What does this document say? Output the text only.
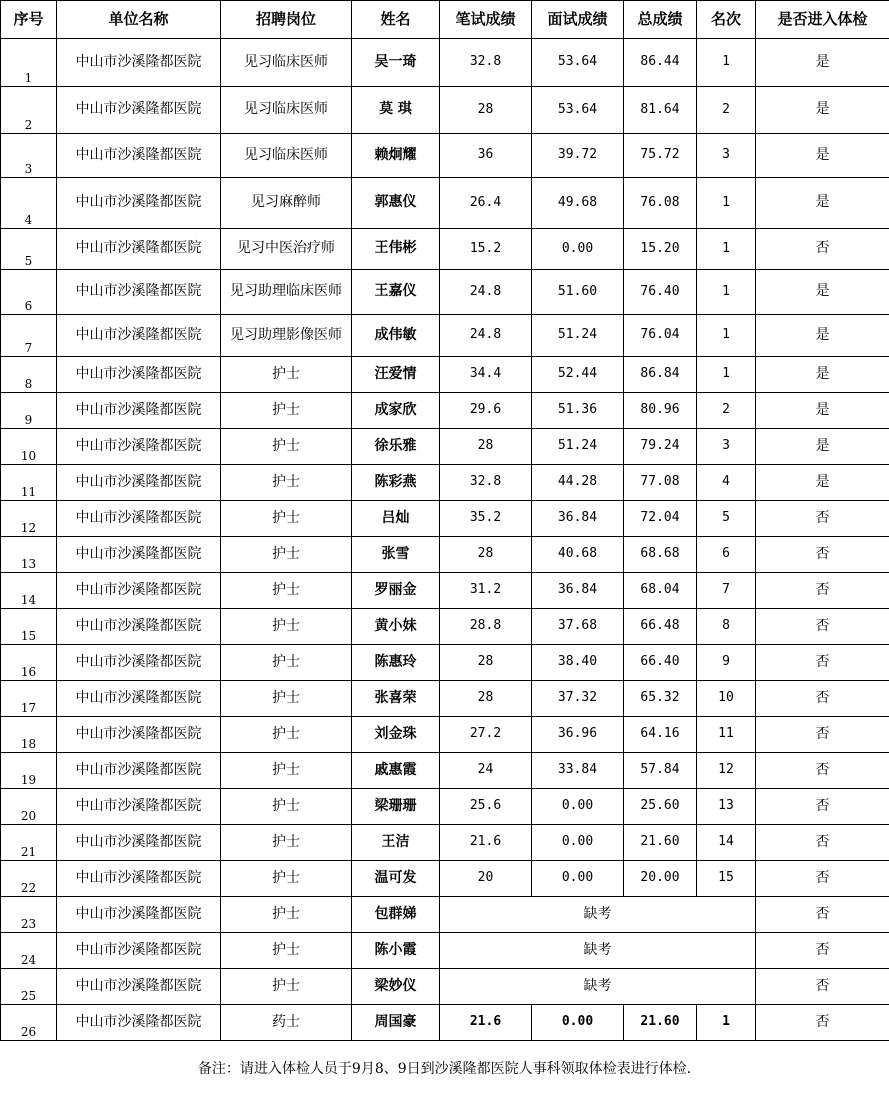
序号	单位名称	招聘岗位	姓名	笔试成绩	面试成绩	总成绩	名次	是否进入体检
1	中山市沙溪隆都医院	见习临床医师	吴一琦	32.8	53.64	86.44	1	是
2	中山市沙溪隆都医院	见习临床医师	莫 琪	28	53.64	81.64	2	是
3	中山市沙溪隆都医院	见习临床医师	赖炯耀	36	39.72	75.72	3	是
4	中山市沙溪隆都医院	见习麻醉师	郭惠仪	26.4	49.68	76.08	1	是
5	中山市沙溪隆都医院	见习中医治疗师	王伟彬	15.2	0.00	15.20	1	否
6	中山市沙溪隆都医院	见习助理临床医师	王嘉仪	24.8	51.60	76.40	1	是
7	中山市沙溪隆都医院	见习助理影像医师	成伟敏	24.8	51.24	76.04	1	是
8	中山市沙溪隆都医院	护士	汪爱情	34.4	52.44	86.84	1	是
9	中山市沙溪隆都医院	护士	成家欣	29.6	51.36	80.96	2	是
10	中山市沙溪隆都医院	护士	徐乐雅	28	51.24	79.24	3	是
11	中山市沙溪隆都医院	护士	陈彩燕	32.8	44.28	77.08	4	是
12	中山市沙溪隆都医院	护士	吕灿	35.2	36.84	72.04	5	否
13	中山市沙溪隆都医院	护士	张雪	28	40.68	68.68	6	否
14	中山市沙溪隆都医院	护士	罗丽金	31.2	36.84	68.04	7	否
15	中山市沙溪隆都医院	护士	黄小妹	28.8	37.68	66.48	8	否
16	中山市沙溪隆都医院	护士	陈惠玲	28	38.40	66.40	9	否
17	中山市沙溪隆都医院	护士	张喜荣	28	37.32	65.32	10	否
18	中山市沙溪隆都医院	护士	刘金珠	27.2	36.96	64.16	11	否
19	中山市沙溪隆都医院	护士	戚惠霞	24	33.84	57.84	12	否
20	中山市沙溪隆都医院	护士	梁珊珊	25.6	0.00	25.60	13	否
21	中山市沙溪隆都医院	护士	王洁	21.6	0.00	21.60	14	否
22	中山市沙溪隆都医院	护士	温可发	20	0.00	20.00	15	否
23	中山市沙溪隆都医院	护士	包群娣	缺考				否
24	中山市沙溪隆都医院	护士	陈小霞	缺考				否
25	中山市沙溪隆都医院	护士	梁妙仪	缺考				否
26	中山市沙溪隆都医院	药士	周国豪	21.6	0.00	21.60	1	否
备注：请进入体检人员于9月8、9日到沙溪隆都医院人事科领取体检表进行体检.
